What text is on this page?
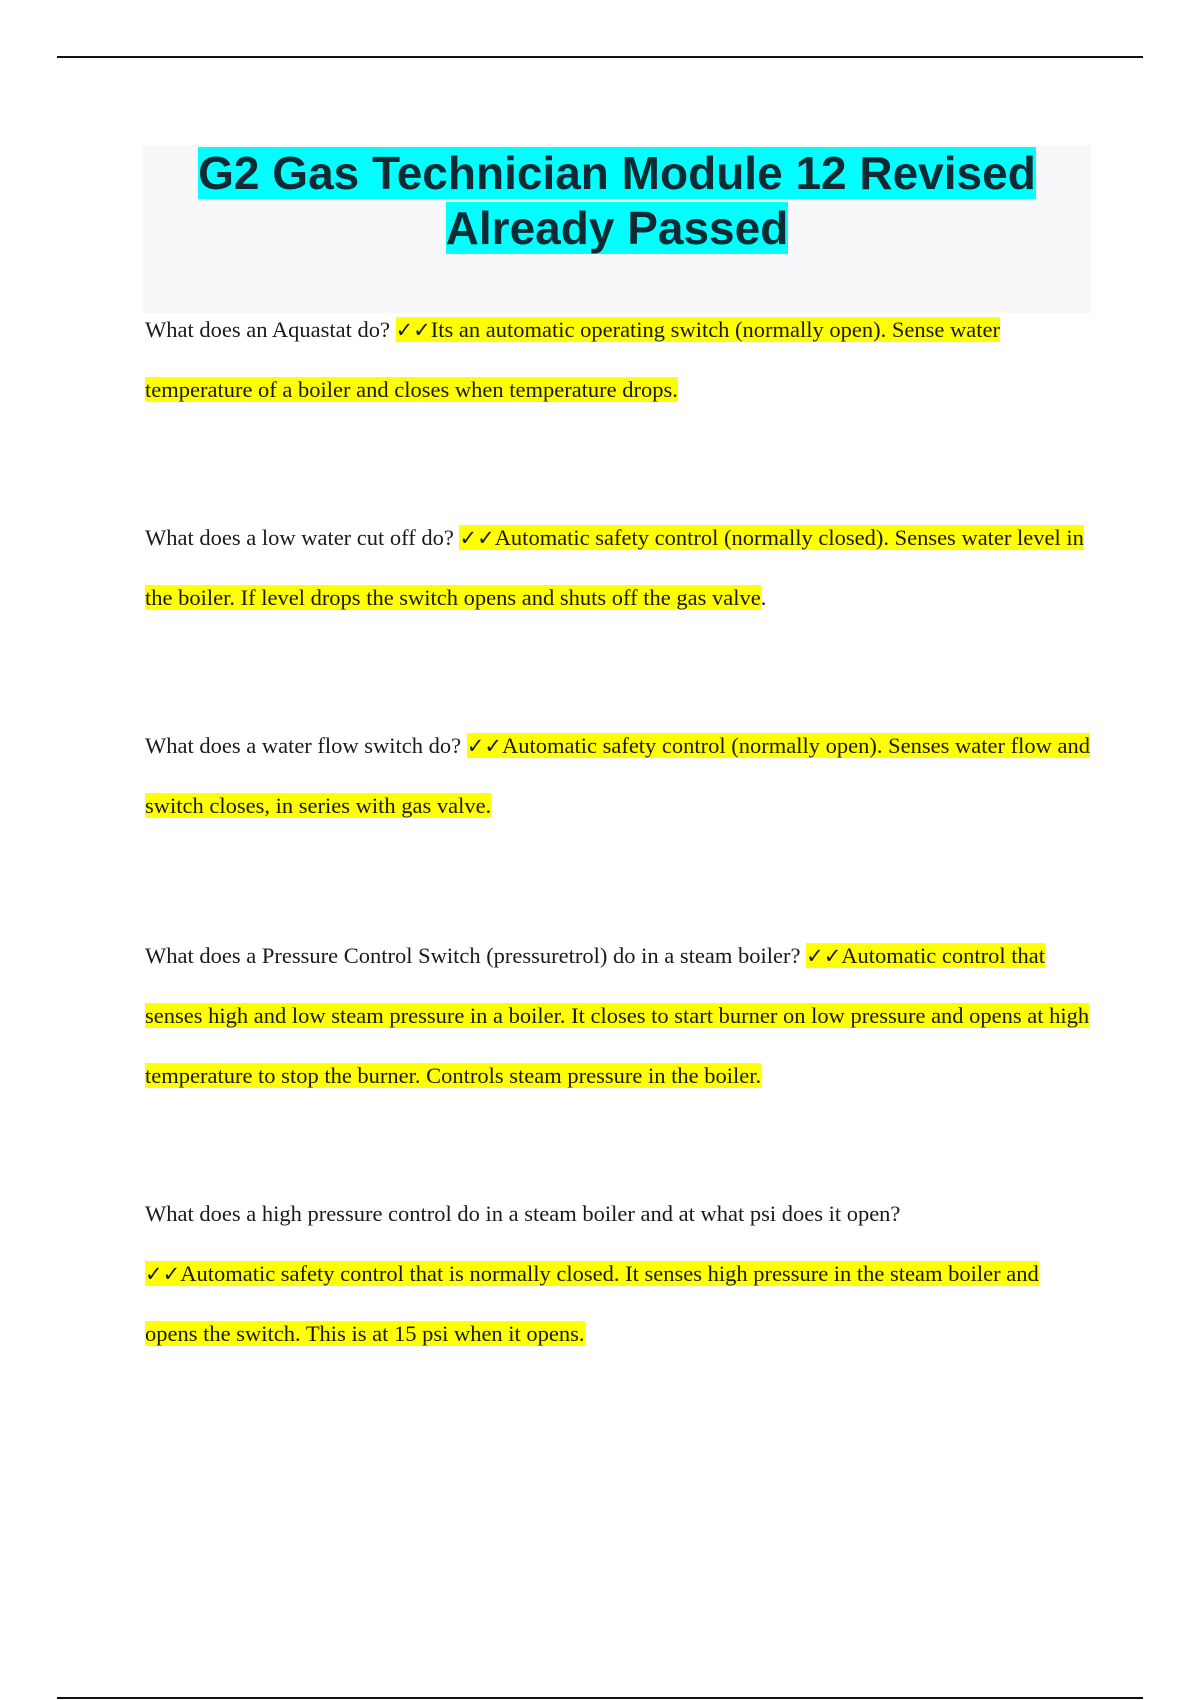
G2 Gas Technician Module 12 Revised
Already Passed
What does an Aquastat do? ✓✓Its an automatic operating switch (normally open). Sense water temperature of a boiler and closes when temperature drops.
What does a low water cut off do? ✓✓Automatic safety control (normally closed). Senses water level in the boiler. If level drops the switch opens and shuts off the gas valve.
What does a water flow switch do? ✓✓Automatic safety control (normally open). Senses water flow and switch closes, in series with gas valve.
What does a Pressure Control Switch (pressuretrol) do in a steam boiler? ✓✓Automatic control that senses high and low steam pressure in a boiler. It closes to start burner on low pressure and opens at high temperature to stop the burner. Controls steam pressure in the boiler.
What does a high pressure control do in a steam boiler and at what psi does it open?
✓✓Automatic safety control that is normally closed. It senses high pressure in the steam boiler and opens the switch. This is at 15 psi when it opens.
